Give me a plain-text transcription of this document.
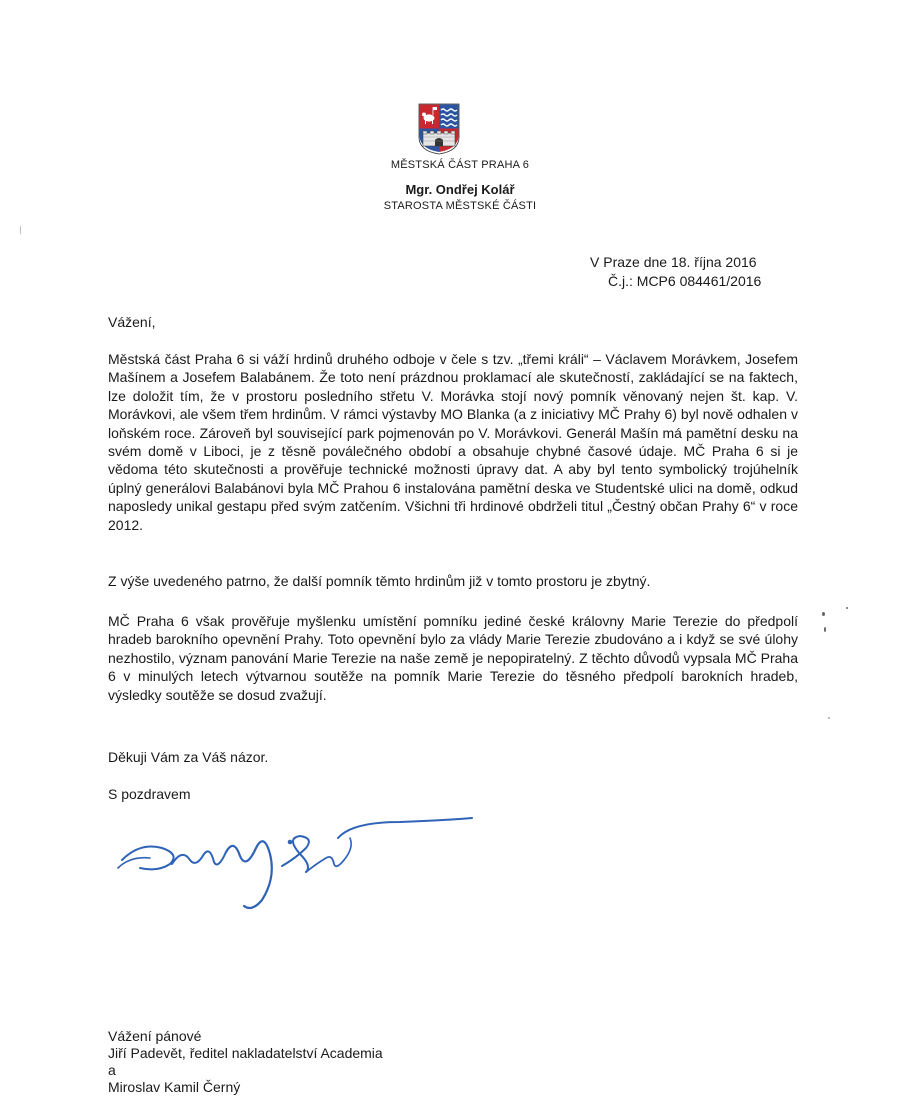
MĚSTSKÁ ČÁST PRAHA 6
Mgr. Ondřej Kolář
STAROSTA MĚSTSKÉ ČÁSTI
V Praze dne 18. října 2016
Č.j.: MCP6 084461/2016
Vážení,

Městská část Praha 6 si váží hrdinů druhého odboje v čele s tzv. „třemi králi“ – Václavem Morávkem, Josefem Mašínem a Josefem Balabánem. Že toto není prázdnou proklamací ale skutečností, zakládající se na faktech, lze doložit tím, že v prostoru posledního střetu V. Morávka stojí nový pomník věnovaný nejen št. kap. V. Morávkovi, ale všem třem hrdinům. V rámci výstavby MO Blanka (a z iniciativy MČ Prahy 6) byl nově odhalen v loňském roce. Zároveň byl související park pojmenován po V. Morávkovi. Generál Mašín má pamětní desku na svém domě v Liboci, je z těsně poválečného období a obsahuje chybné časové údaje. MČ Praha 6 si je vědoma této skutečnosti a prověřuje technické možnosti úpravy dat. A aby byl tento symbolický trojúhelník úplný generálovi Balabánovi byla MČ Prahou 6 instalována pamětní deska ve Studentské ulici na domě, odkud naposledy unikal gestapu před svým zatčením. Všichni tři hrdinové obdrželi titul „Čestný občan Prahy 6“ v roce 2012.

Z výše uvedeného patrno, že další pomník těmto hrdinům již v tomto prostoru je zbytný.

MČ Praha 6 však prověřuje myšlenku umístění pomníku jediné české královny Marie Terezie do předpolí hradeb barokního opevnění Prahy. Toto opevnění bylo za vlády Marie Terezie zbudováno a i když se své úlohy nezhostilo, význam panování Marie Terezie na naše země je nepopiratelný. Z těchto důvodů vypsala MČ Praha 6 v minulých letech výtvarnou soutěže na pomník Marie Terezie do těsného předpolí barokních hradeb, výsledky soutěže se dosud zvažují.

Děkuji Vám za Váš názor.
S pozdravem
Vážení pánové
Jiří Padevět, ředitel nakladatelství Academia
a
Miroslav Kamil Černý
